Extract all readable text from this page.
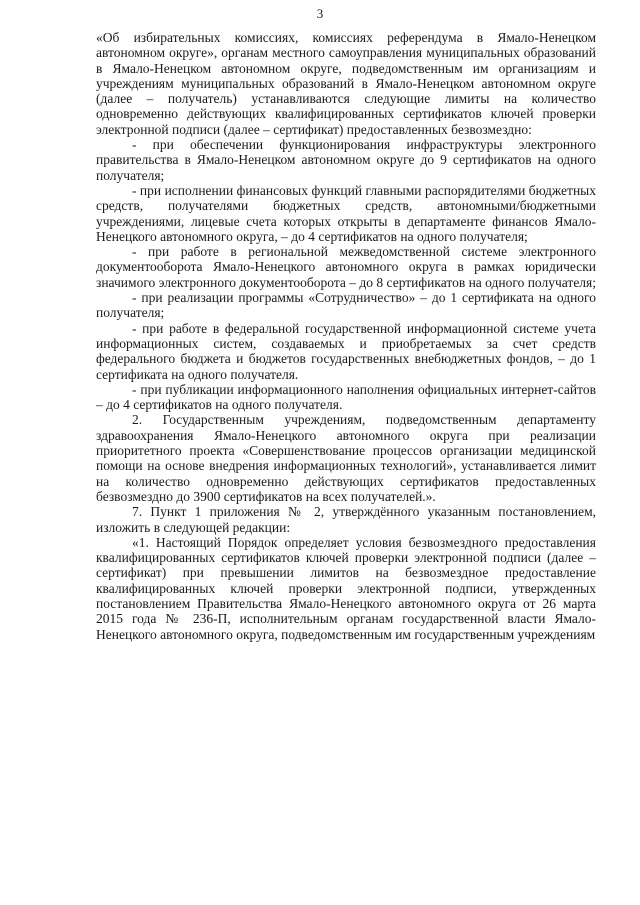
3

«Об избирательных комиссиях, комиссиях референдума в Ямало-Ненецком автономном округе», органам местного самоуправления муниципальных образований в Ямало-Ненецком автономном округе, подведомственным им организациям и учреждениям муниципальных образований в Ямало-Ненецком автономном округе (далее – получатель) устанавливаются следующие лимиты на количество одновременно действующих квалифицированных сертификатов ключей проверки электронной подписи (далее – сертификат) предоставленных безвозмездно:

- при обеспечении функционирования инфраструктуры электронного правительства в Ямало-Ненецком автономном округе до 9 сертификатов на одного получателя;

- при исполнении финансовых функций главными распорядителями бюджетных средств, получателями бюджетных средств, автономными/бюджетными учреждениями, лицевые счета которых открыты в департаменте финансов Ямало-Ненецкого автономного округа, – до 4 сертификатов на одного получателя;

- при работе в региональной межведомственной системе электронного документооборота Ямало-Ненецкого автономного округа в рамках юридически значимого электронного документооборота – до 8 сертификатов на одного получателя;

- при реализации программы «Сотрудничество» – до 1 сертификата на одного получателя;

- при работе в федеральной государственной информационной системе учета информационных систем, создаваемых и приобретаемых за счет средств федерального бюджета и бюджетов государственных внебюджетных фондов, – до 1 сертификата на одного получателя.

- при публикации информационного наполнения официальных интернет-сайтов – до 4 сертификатов на одного получателя.

2. Государственным учреждениям, подведомственным департаменту здравоохранения Ямало-Ненецкого автономного округа при реализации приоритетного проекта «Совершенствование процессов организации медицинской помощи на основе внедрения информационных технологий», устанавливается лимит на количество одновременно действующих сертификатов предоставленных безвозмездно до 3900 сертификатов на всех получателей.».

7. Пункт 1 приложения № 2, утверждённого указанным постановлением, изложить в следующей редакции:

«1. Настоящий Порядок определяет условия безвозмездного предоставления квалифицированных сертификатов ключей проверки электронной подписи (далее – сертификат) при превышении лимитов на безвозмездное предоставление квалифицированных ключей проверки электронной подписи, утвержденных постановлением Правительства Ямало-Ненецкого автономного округа от 26 марта 2015 года № 236-П, исполнительным органам государственной власти Ямало-Ненецкого автономного округа, подведомственным им государственным учреждениям
